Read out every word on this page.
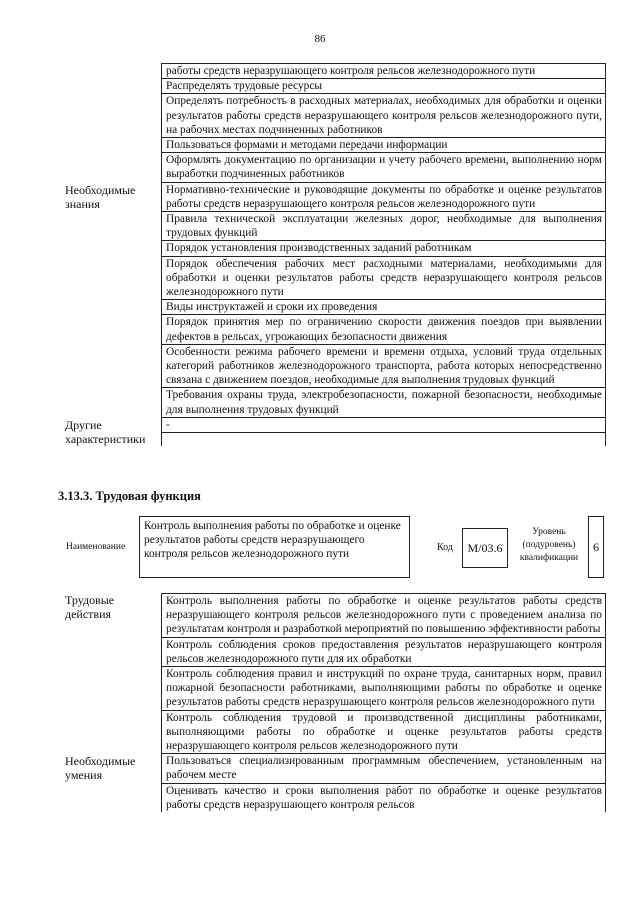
86
работы средств неразрушающего контроля рельсов железнодорожного пути
Распределять трудовые ресурсы
Определять потребность в расходных материалах, необходимых для обработки и оценки результатов работы средств неразрушающего контроля рельсов железнодорожного пути, на рабочих местах подчиненных работников
Пользоваться формами и методами передачи информации
Оформлять документацию по организации и учету рабочего времени, выполнению норм выработки подчиненных работников
Необходимые знания
Нормативно-технические и руководящие документы по обработке и оценке результатов работы средств неразрушающего контроля рельсов железнодорожного пути
Правила технической эксплуатации железных дорог, необходимые для выполнения трудовых функций
Порядок установления производственных заданий работникам
Порядок обеспечения рабочих мест расходными материалами, необходимыми для обработки и оценки результатов работы средств неразрушающего контроля рельсов железнодорожного пути
Виды инструктажей и сроки их проведения
Порядок принятия мер по ограничению скорости движения поездов при выявлении дефектов в рельсах, угрожающих безопасности движения
Особенности режима рабочего времени и времени отдыха, условий труда отдельных категорий работников железнодорожного транспорта, работа которых непосредственно связана с движением поездов, необходимые для выполнения трудовых функций
Требования охраны труда, электробезопасности, пожарной безопасности, необходимые для выполнения трудовых функций
Другие характеристики
-
3.13.3. Трудовая функция
Наименование
Контроль выполнения работы по обработке и оценке результатов работы средств неразрушающего контроля рельсов железнодорожного пути
Код	M/03.6
Уровень (подуровень) квалификации
6
Трудовые действия
Контроль выполнения работы по обработке и оценке результатов работы средств неразрушающего контроля рельсов железнодорожного пути с проведением анализа по результатам контроля и разработкой мероприятий по повышению эффективности работы
Контроль соблюдения сроков предоставления результатов неразрушающего контроля рельсов железнодорожного пути для их обработки
Контроль соблюдения правил и инструкций по охране труда, санитарных норм, правил пожарной безопасности работниками, выполняющими работы по обработке и оценке результатов работы средств неразрушающего контроля рельсов железнодорожного пути
Контроль соблюдения трудовой и производственной дисциплины работниками, выполняющими работы по обработке и оценке результатов работы средств неразрушающего контроля рельсов железнодорожного пути
Необходимые умения
Пользоваться специализированным программным обеспечением, установленным на рабочем месте
Оценивать качество и сроки выполнения работ по обработке и оценке результатов работы средств неразрушающего контроля рельсов
